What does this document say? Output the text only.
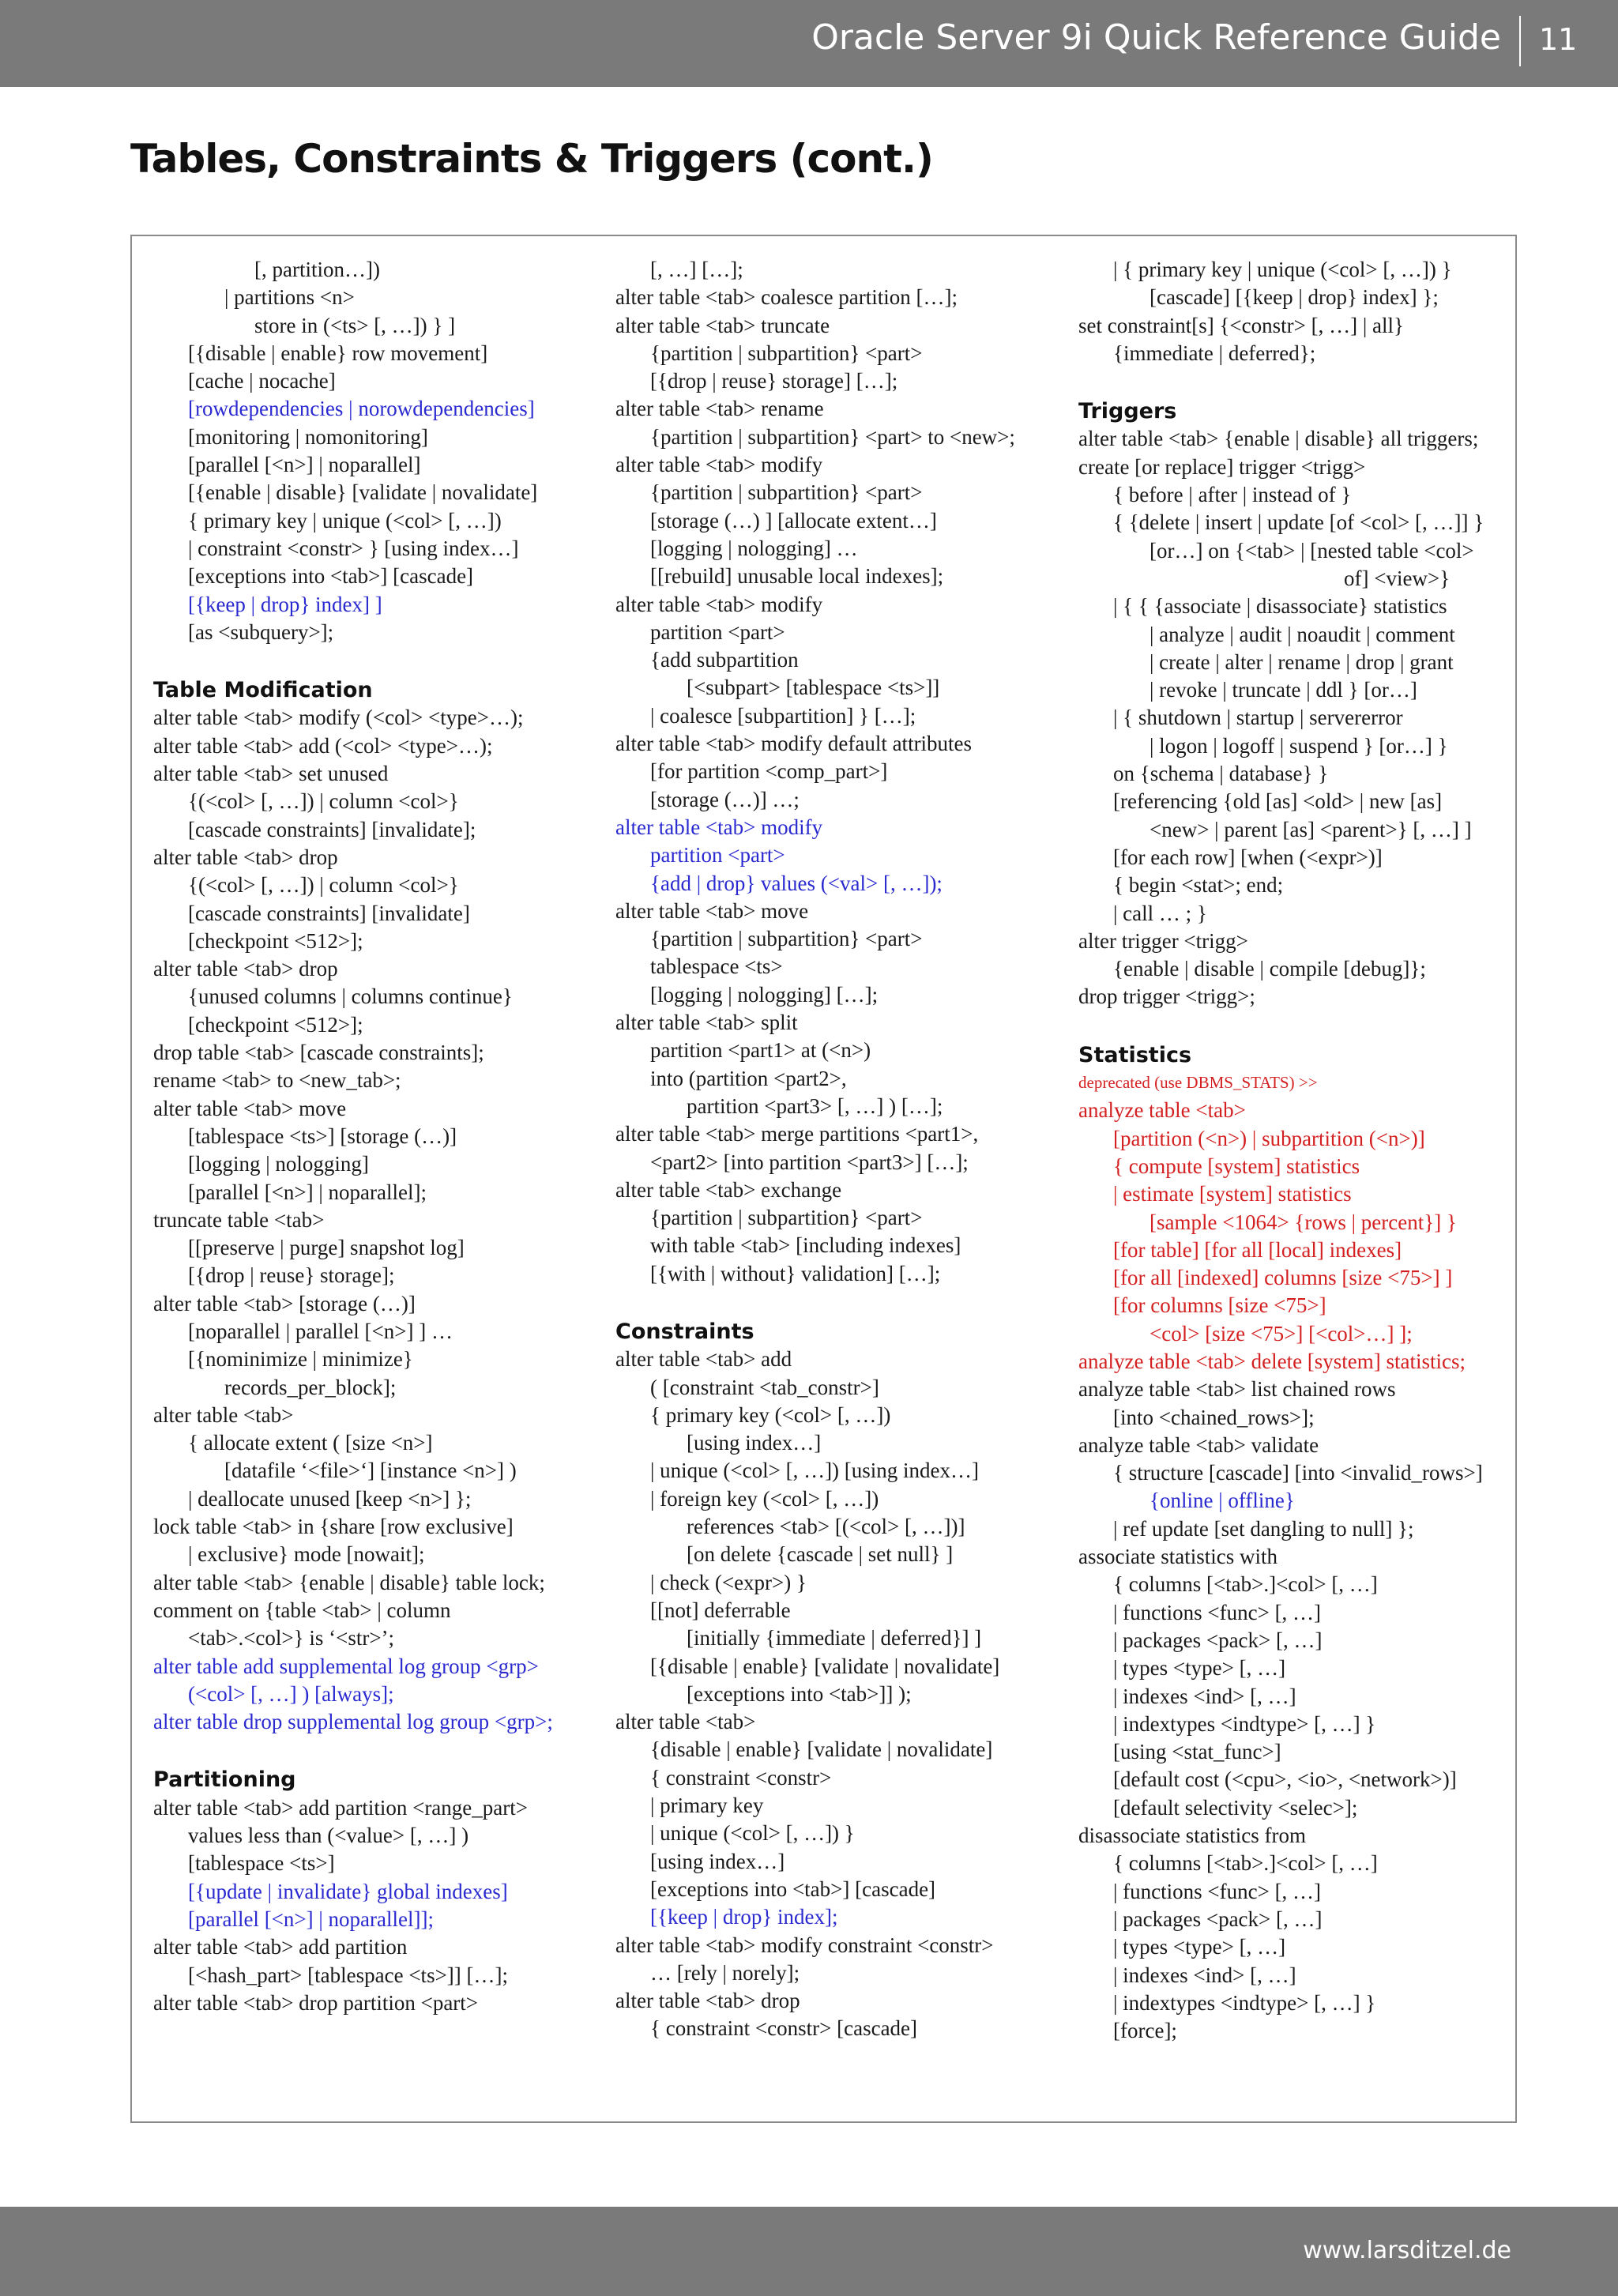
Oracle Server 9i Quick Reference Guide 11
Tables, Constraints & Triggers (cont.)
[, partition…])
| partitions <n>
store in (<ts> [, …]) } ]
[{disable | enable} row movement]
[cache | nocache]
[rowdependencies | norowdependencies]
[monitoring | nomonitoring]
[parallel [<n>] | noparallel]
[{enable | disable} [validate | novalidate]
{ primary key | unique (<col> [, …])
| constraint <constr> } [using index…]
[exceptions into <tab>] [cascade]
[{keep | drop} index] ]
[as <subquery>];
Table Modification
alter table <tab> modify (<col> <type>…);
alter table <tab> add (<col> <type>…);
alter table <tab> set unused
{(<col> [, …]) | column <col>}
[cascade constraints] [invalidate];
alter table <tab> drop
{(<col> [, …]) | column <col>}
[cascade constraints] [invalidate]
[checkpoint <512>];
alter table <tab> drop
{unused columns | columns continue}
[checkpoint <512>];
drop table <tab> [cascade constraints];
rename <tab> to <new_tab>;
alter table <tab> move
[tablespace <ts>] [storage (…)]
[logging | nologging]
[parallel [<n>] | noparallel];
truncate table <tab>
[[preserve | purge] snapshot log]
[{drop | reuse} storage];
alter table <tab> [storage (…)]
[noparallel | parallel [<n>] ] …
[{nominimize | minimize}
records_per_block];
alter table <tab>
{ allocate extent ( [size <n>]
[datafile ‘<file>‘] [instance <n>] )
| deallocate unused [keep <n>] };
lock table <tab> in {share [row exclusive]
| exclusive} mode [nowait];
alter table <tab> {enable | disable} table lock;
comment on {table <tab> | column
<tab>.<col>} is ‘<str>’;
alter table add supplemental log group <grp>
(<col> [, …] ) [always];
alter table drop supplemental log group <grp>;
Partitioning
alter table <tab> add partition <range_part>
values less than (<value> [, …] )
[tablespace <ts>]
[{update | invalidate} global indexes]
[parallel [<n>] | noparallel]];
alter table <tab> add partition
[<hash_part> [tablespace <ts>]] […];
alter table <tab> drop partition <part>
[, …] […];
alter table <tab> coalesce partition […];
alter table <tab> truncate
{partition | subpartition} <part>
[{drop | reuse} storage] […];
alter table <tab> rename
{partition | subpartition} <part> to <new>;
alter table <tab> modify
{partition | subpartition} <part>
[storage (…) ] [allocate extent…]
[logging | nologging] …
[[rebuild] unusable local indexes];
alter table <tab> modify
partition <part>
{add subpartition
[<subpart> [tablespace <ts>]]
| coalesce [subpartition] } […];
alter table <tab> modify default attributes
[for partition <comp_part>]
[storage (…)] …;
alter table <tab> modify
partition <part>
{add | drop} values (<val> [, …]);
alter table <tab> move
{partition | subpartition} <part>
tablespace <ts>
[logging | nologging] […];
alter table <tab> split
partition <part1> at (<n>)
into (partition <part2>,
partition <part3> [, …] ) […];
alter table <tab> merge partitions <part1>,
<part2> [into partition <part3>] […];
alter table <tab> exchange
{partition | subpartition} <part>
with table <tab> [including indexes]
[{with | without} validation] […];
Constraints
alter table <tab> add
( [constraint <tab_constr>]
{ primary key (<col> [, …])
[using index…]
| unique (<col> [, …]) [using index…]
| foreign key (<col> [, …])
references <tab> [(<col> [, …])]
[on delete {cascade | set null} ]
| check (<expr>) }
[[not] deferrable
[initially {immediate | deferred}] ]
[{disable | enable} [validate | novalidate]
[exceptions into <tab>]] );
alter table <tab>
{disable | enable} [validate | novalidate]
{ constraint <constr>
| primary key
| unique (<col> [, …]) }
[using index…]
[exceptions into <tab>] [cascade]
[{keep | drop} index];
alter table <tab> modify constraint <constr>
… [rely | norely];
alter table <tab> drop
{ constraint <constr> [cascade]
| { primary key | unique (<col> [, …]) }
[cascade] [{keep | drop} index] };
set constraint[s] {<constr> [, …] | all}
{immediate | deferred};
Triggers
alter table <tab> {enable | disable} all triggers;
create [or replace] trigger <trigg>
{ before | after | instead of }
{ {delete | insert | update [of <col> [, …]] }
[or…] on {<tab> | [nested table <col>
of] <view>}
| { { {associate | disassociate} statistics
| analyze | audit | noaudit | comment
| create | alter | rename | drop | grant
| revoke | truncate | ddl } [or…]
| { shutdown | startup | servererror
| logon | logoff | suspend } [or…] }
on {schema | database} }
[referencing {old [as] <old> | new [as]
<new> | parent [as] <parent>} [, …] ]
[for each row] [when (<expr>)]
{ begin <stat>; end;
| call … ; }
alter trigger <trigg>
{enable | disable | compile [debug]};
drop trigger <trigg>;
Statistics
deprecated (use DBMS_STATS) >>
analyze table <tab>
[partition (<n>) | subpartition (<n>)]
{ compute [system] statistics
| estimate [system] statistics
[sample <1064> {rows | percent}] }
[for table] [for all [local] indexes]
[for all [indexed] columns [size <75>] ]
[for columns [size <75>]
<col> [size <75>] [<col>…] ];
analyze table <tab> delete [system] statistics;
analyze table <tab> list chained rows
[into <chained_rows>];
analyze table <tab> validate
{ structure [cascade] [into <invalid_rows>]
{online | offline}
| ref update [set dangling to null] };
associate statistics with
{ columns [<tab>.]<col> [, …]
| functions <func> [, …]
| packages <pack> [, …]
| types <type> [, …]
| indexes <ind> [, …]
| indextypes <indtype> [, …] }
[using <stat_func>]
[default cost (<cpu>, <io>, <network>)]
[default selectivity <selec>];
disassociate statistics from
{ columns [<tab>.]<col> [, …]
| functions <func> [, …]
| packages <pack> [, …]
| types <type> [, …]
| indexes <ind> [, …]
| indextypes <indtype> [, …] }
[force];
www.larsditzel.de
